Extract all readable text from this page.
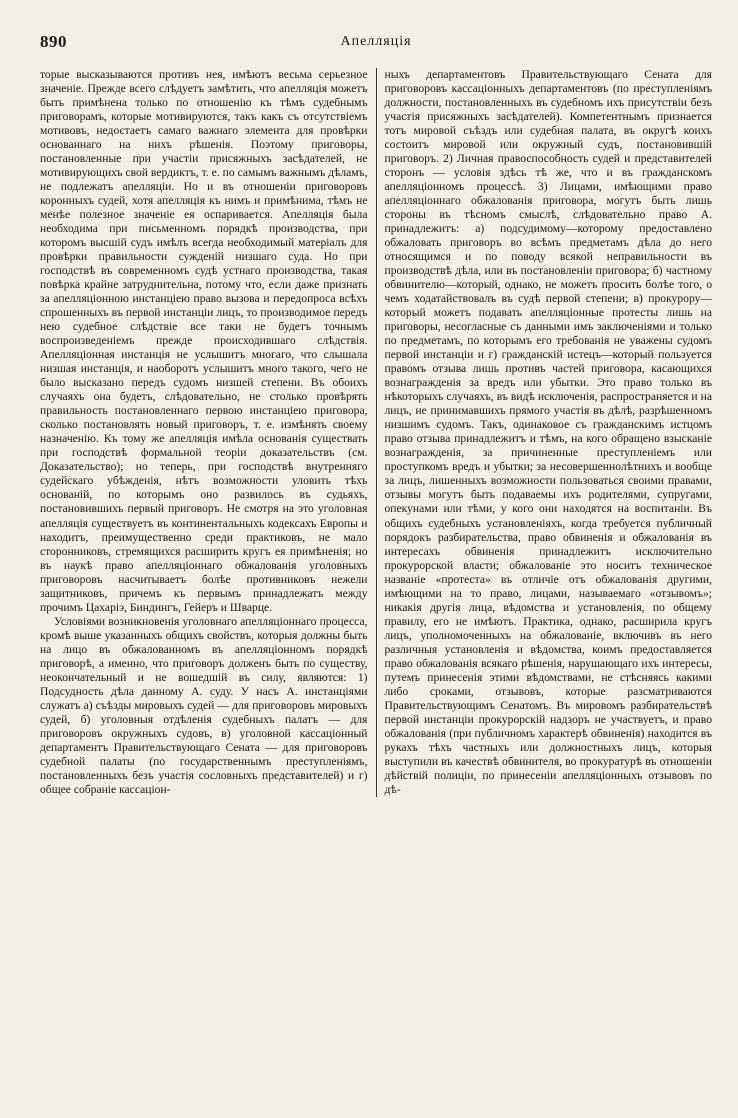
890	Апелляція

торые высказываются противъ нея, имѣютъ весьма серьезное значеніе. Прежде всего слѣдуетъ замѣтить, что апелляція можетъ быть примѣнена только по отношенію къ тѣмъ судебнымъ приговорамъ, которые мотивируются, такъ какъ съ отсутствіемъ мотивовъ, недостаетъ самаго важнаго элемента для провѣрки основаннаго на нихъ рѣшенія. Поэтому приговоры, постановленные при участіи присяжныхъ засѣдателей, не мотивирующихъ свой вердиктъ, т. е. по самымъ важнымъ дѣламъ, не подлежатъ апелляціи. Но и въ отношеніи приговоровъ коронныхъ судей, хотя апелляція къ нимъ и примѣнима, тѣмъ не менѣе полезное значеніе ея оспаривается. Апелляція была необходима при письменномъ порядкѣ производства, при которомъ высшій судъ имѣлъ всегда необходимый матеріалъ для провѣрки правильности сужденій низшаго суда. Но при господствѣ въ современномъ судѣ устнаго производства, такая повѣрка крайне затруднительна, потому что, если даже признать за апелляціонною инстанціею право вызова и передопроса всѣхъ спрошенныхъ въ первой инстанціи лицъ, то производимое передъ нею судебное слѣдствіе все таки не будетъ точнымъ воспроизведеніемъ прежде происходившаго слѣдствія. Апелляціонная инстанція не услышитъ многаго, что слышала низшая инстанція, и наоборотъ услышитъ много такого, чего не было высказано передъ судомъ низшей степени. Въ обоихъ случаяхъ она будетъ, слѣдовательно, не столько провѣрять правильность постановленнаго первою инстанціею приговора, сколько постановлять новый приговоръ, т. е. измѣнять своему назначенію. Къ тому же апелляція имѣла основанія существать при господствѣ формальной теоріи доказательствъ (см. Доказательство); но теперь, при господствѣ внутренняго судейскаго убѣжденія, нѣтъ возможности уловить тѣхъ основаній, по которымъ оно развилось въ судьяхъ, постановившихъ первый приговоръ. Не смотря на это уголовная апелляція существуетъ въ континентальныхъ кодексахъ Европы и находитъ, преимущественно среди практиковъ, не мало сторонниковъ, стремящихся расширить кругъ ея примѣненія; но въ наукѣ право апелляціоннаго обжалованія уголовныхъ приговоровъ насчитываетъ болѣе противниковъ нежели защитниковъ, причемъ къ первымъ принадлежатъ между прочимъ Цахаріэ, Биндингъ, Гейеръ и Шварце.

Условіями возникновенія уголовнаго апелляціоннаго процесса, кромѣ выше указанныхъ общихъ свойствъ, которыя должны быть на лицо въ обжалованномъ въ апелляціонномъ порядкѣ приговорѣ, а именно, что приговоръ долженъ быть по существу, неокончательный и не вошедшій въ силу, являются: 1) Подсудность дѣла данному А. суду. У насъ А. инстанціями служатъ а) съѣзды мировыхъ судей — для приговоровъ мировыхъ судей, б) уголовныя отдѣленія судебныхъ палатъ — для приговоровъ окружныхъ судовъ, в) уголовной кассаціонный департаментъ Правительствующаго Сената — для приговоровъ судебной палаты (по государственнымъ преступленіямъ, постановленныхъ безъ участія сословныхъ представителей) и г) общее собраніе кассаціон-

ныхъ департаментовъ Правительствующаго Сената для приговоровъ кассаціонныхъ департаментовъ (по преступленіямъ должности, постановленныхъ въ судебномъ ихъ присутствіи безъ участія присяжныхъ засѣдателей). Компетентнымъ признается тотъ мировой съѣздъ или судебная палата, въ округѣ коихъ состоитъ мировой или окружный судъ, постановившій приговоръ. 2) Личная правоспособность судей и представителей сторонъ — условія здѣсь тѣ же, что и въ гражданскомъ апелляціонномъ процессѣ. 3) Лицами, имѣющими право апелляціоннаго обжалованія приговора, могутъ быть лишь стороны въ тѣсномъ смыслѣ, слѣдовательно право А. принадлежитъ: а) подсудимому—которому предоставлено обжаловать приговоръ во всѣмъ предметамъ дѣла до него относящимся и по поводу всякой неправильности въ производствѣ дѣла, или въ постановленіи приговора; б) частному обвинителю—который, однако, не можетъ просить болѣе того, о чемъ ходатайствовалъ въ судѣ первой степени; в) прокурору—который можетъ подавать апелляціонные протесты лишь на приговоры, несогласные съ данными имъ заключеніями и только по предметамъ, по которымъ его требованія не уважены судомъ первой инстанціи и г) гражданскій истецъ—который пользуется правомъ отзыва лишь противъ частей приговора, касающихся вознагражденія за вредъ или убытки. Это право только въ нѣкоторыхъ случаяхъ, въ видѣ исключенія, распространяется и на лицъ, не принимавшихъ прямого участія въ дѣлѣ, разрѣшенномъ низшимъ судомъ. Такъ, одинаковое съ гражданскимъ истцомъ право отзыва принадлежитъ и тѣмъ, на кого обращено взысканіе вознагражденія, за причиненные преступленіемъ или проступкомъ вредъ и убытки; за несовершеннолѣтнихъ и вообще за лицъ, лишенныхъ возможности пользоваться своими правами, отзывы могутъ быть подаваемы ихъ родителями, супругами, опекунами или тѣми, у кого они находятся на воспитаніи. Въ общихъ судебныхъ установленіяхъ, когда требуется публичный порядокъ разбирательства, право обвиненія и обжалованія въ интересахъ обвиненія принадлежитъ исключительно прокурорской власти; обжалованіе это носитъ техническое названіе «протеста» въ отличіе отъ обжалованія другими, имѣющими на то право, лицами, называемаго «отзывомъ»; никакія другія лица, вѣдомства и установленія, по общему правилу, его не имѣютъ. Практика, однако, расширила кругъ лицъ, уполномоченныхъ на обжалованіе, включивъ въ него различныя установленія и вѣдомства, коимъ предоставляется право обжалованія всякаго рѣшенія, нарушающаго ихъ интересы, путемъ принесенія этими вѣдомствами, не стѣсняясь какими либо сроками, отзывовъ, которые разсматриваются Правительствующимъ Сенатомъ. Въ мировомъ разбирательствѣ первой инстанціи прокурорскій надзоръ не участвуетъ, и право обжалованія (при публичномъ характерѣ обвиненія) находится въ рукахъ тѣхъ частныхъ или должностныхъ лицъ, которыя выступили въ качествѣ обвинителя, во прокуратурѣ въ отношеніи дѣйствій полиціи, по принесеніи апелляціонныхъ отзывовъ по дѣ-
